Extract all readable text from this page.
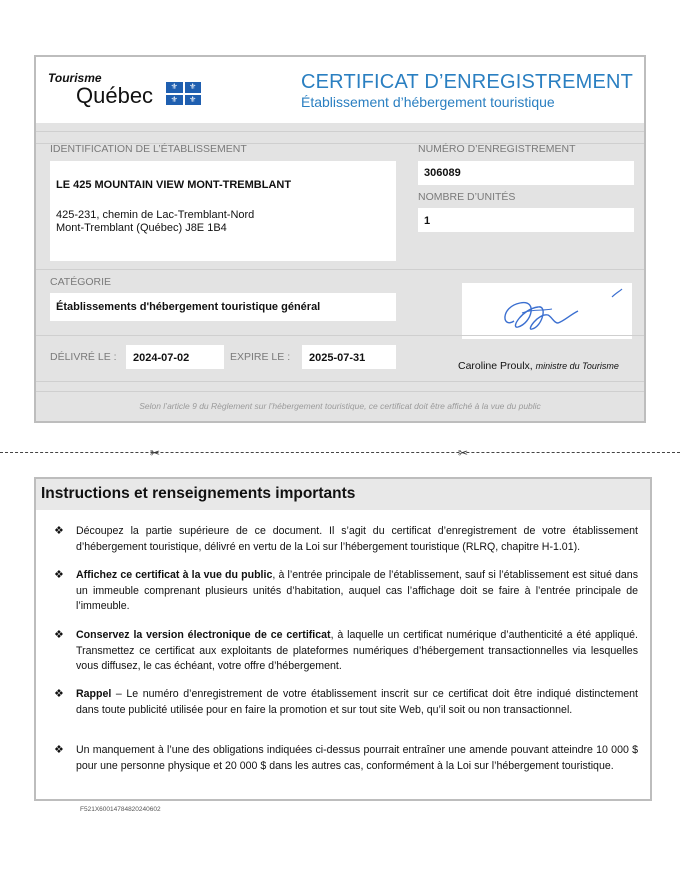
Tourisme
Québec	⚜	⚜
⚜	⚜
CERTIFICAT D’ENREGISTREMENT
Établissement d’hébergement touristique
IDENTIFICATION DE L’ÉTABLISSEMENT
LE 425 MOUNTAIN VIEW MONT-TREMBLANT
425-231, chemin de Lac-Tremblant-Nord
Mont-Tremblant (Québec) J8E 1B4
NUMÉRO D’ENREGISTREMENT
306089
NOMBRE D’UNITÉS
1
CATÉGORIE
Établissements d'hébergement touristique général
DÉLIVRÉ LE : 2024-07-02	EXPIRE LE : 2025-07-31
Caroline Proulx, ministre du Tourisme
Selon l’article 9 du Règlement sur l’hébergement touristique, ce certificat doit être affiché à la vue du public
✂	✂
Instructions et renseignements importants
❖ Découpez la partie supérieure de ce document. Il s’agit du certificat d’enregistrement de votre établissement d’hébergement touristique, délivré en vertu de la Loi sur l’hébergement touristique (RLRQ, chapitre H-1.01).
❖ Affichez ce certificat à la vue du public, à l’entrée principale de l’établissement, sauf si l’établissement est situé dans un immeuble comprenant plusieurs unités d’habitation, auquel cas l’affichage doit se faire à l’entrée principale de l’immeuble.
❖ Conservez la version électronique de ce certificat, à laquelle un certificat numérique d’authenticité a été appliqué. Transmettez ce certificat aux exploitants de plateformes numériques d’hébergement transactionnelles via lesquelles vous diffusez, le cas échéant, votre offre d’hébergement.
❖ Rappel – Le numéro d’enregistrement de votre établissement inscrit sur ce certificat doit être indiqué distinctement dans toute publicité utilisée pour en faire la promotion et sur tout site Web, qu’il soit ou non transactionnel.
❖ Un manquement à l’une des obligations indiquées ci-dessus pourrait entraîner une amende pouvant atteindre 10 000 $ pour une personne physique et 20 000 $ dans les autres cas, conformément à la Loi sur l’hébergement touristique.
F521X60014784820240602
